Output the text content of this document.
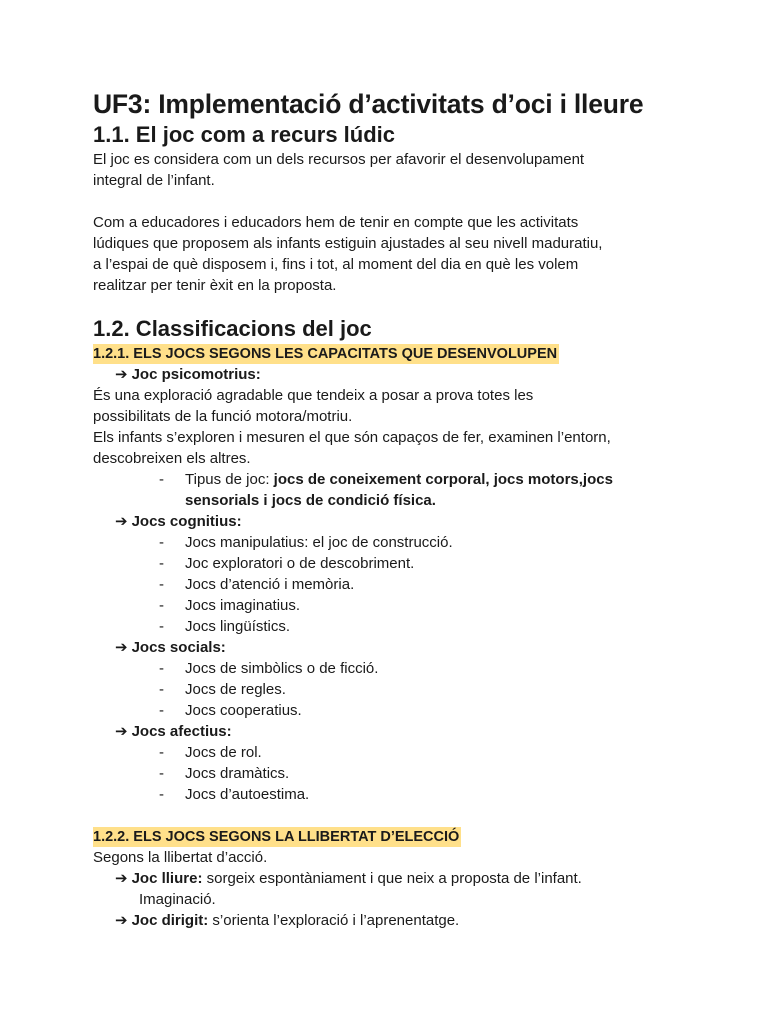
UF3: Implementació d’activitats d’oci i lleure
1.1. El joc com a recurs lúdic

El joc es considera com un dels recursos per afavorir el desenvolupament

integral de l’infant.

Com a educadores i educadors hem de tenir en compte que les activitats

lúdiques que proposem als infants estiguin ajustades al seu nivell maduratiu,

a l’espai de què disposem i, fins i tot, al moment del dia en què les volem

realitzar per tenir èxit en la proposta.

1.2. Classificacions del joc
1.2.1. ELS JOCS SEGONS LES CAPACITATS QUE DESENVOLUPEN
➔ Joc psicomotrius:

És una exploració agradable que tendeix a posar a prova totes les

possibilitats de la funció motora/motriu.

Els infants s’exploren i mesuren el que són capaços de fer, examinen l’entorn,

descobreixen els altres.

- Tipus de joc: jocs de coneixement corporal, jocs motors,jocs
sensorials i jocs de condició física.
➔ Jocs cognitius:
- Jocs manipulatius: el joc de construcció.
- Joc exploratori o de descobriment.
- Jocs d’atenció i memòria.
- Jocs imaginatius.
- Jocs lingüístics.
➔ Jocs socials:
- Jocs de simbòlics o de ficció.
- Jocs de regles.
- Jocs cooperatius.
➔ Jocs afectius:
- Jocs de rol.
- Jocs dramàtics.
- Jocs d’autoestima.
1.2.2. ELS JOCS SEGONS LA LLIBERTAT D’ELECCIÓ

Segons la llibertat d’acció.

➔ Joc lliure: sorgeix espontàniament i que neix a proposta de l’infant.
Imaginació.
➔ Joc dirigit: s’orienta l’exploració i l’aprenentatge.
